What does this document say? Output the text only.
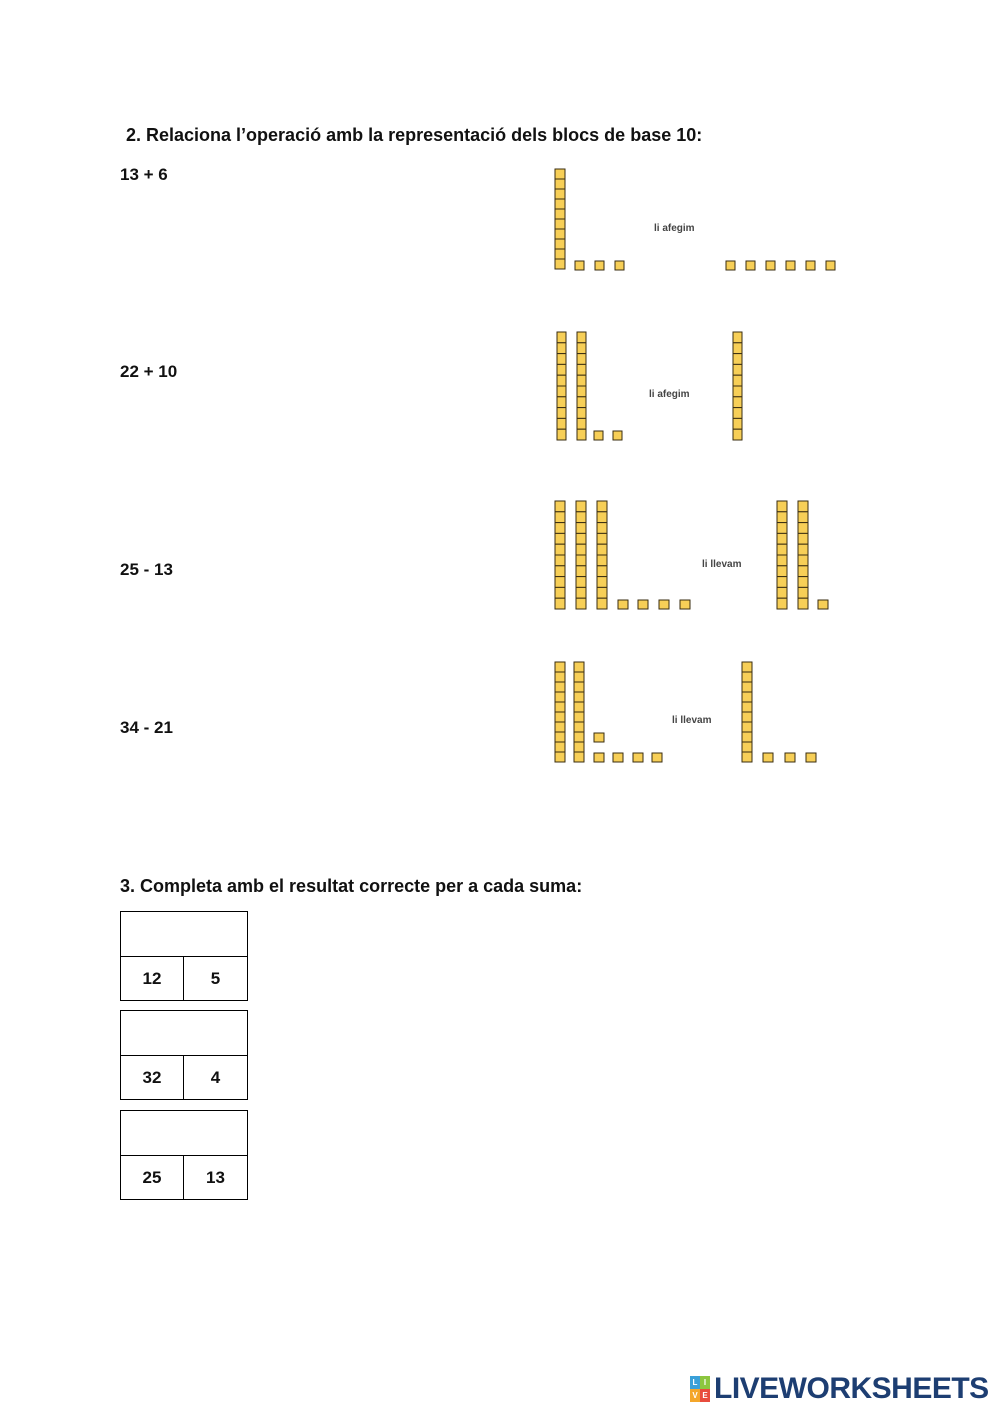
2. Relaciona l’operació amb la representació dels blocs de base 10:
13 + 6
22 + 10
25 - 13
34 - 21
li afegim
li afegim
li llevam
li llevam
3. Completa amb el resultat correcte per a cada suma:
12	5
32	4
25	13
L I
V E LIVEWORKSHEETS
